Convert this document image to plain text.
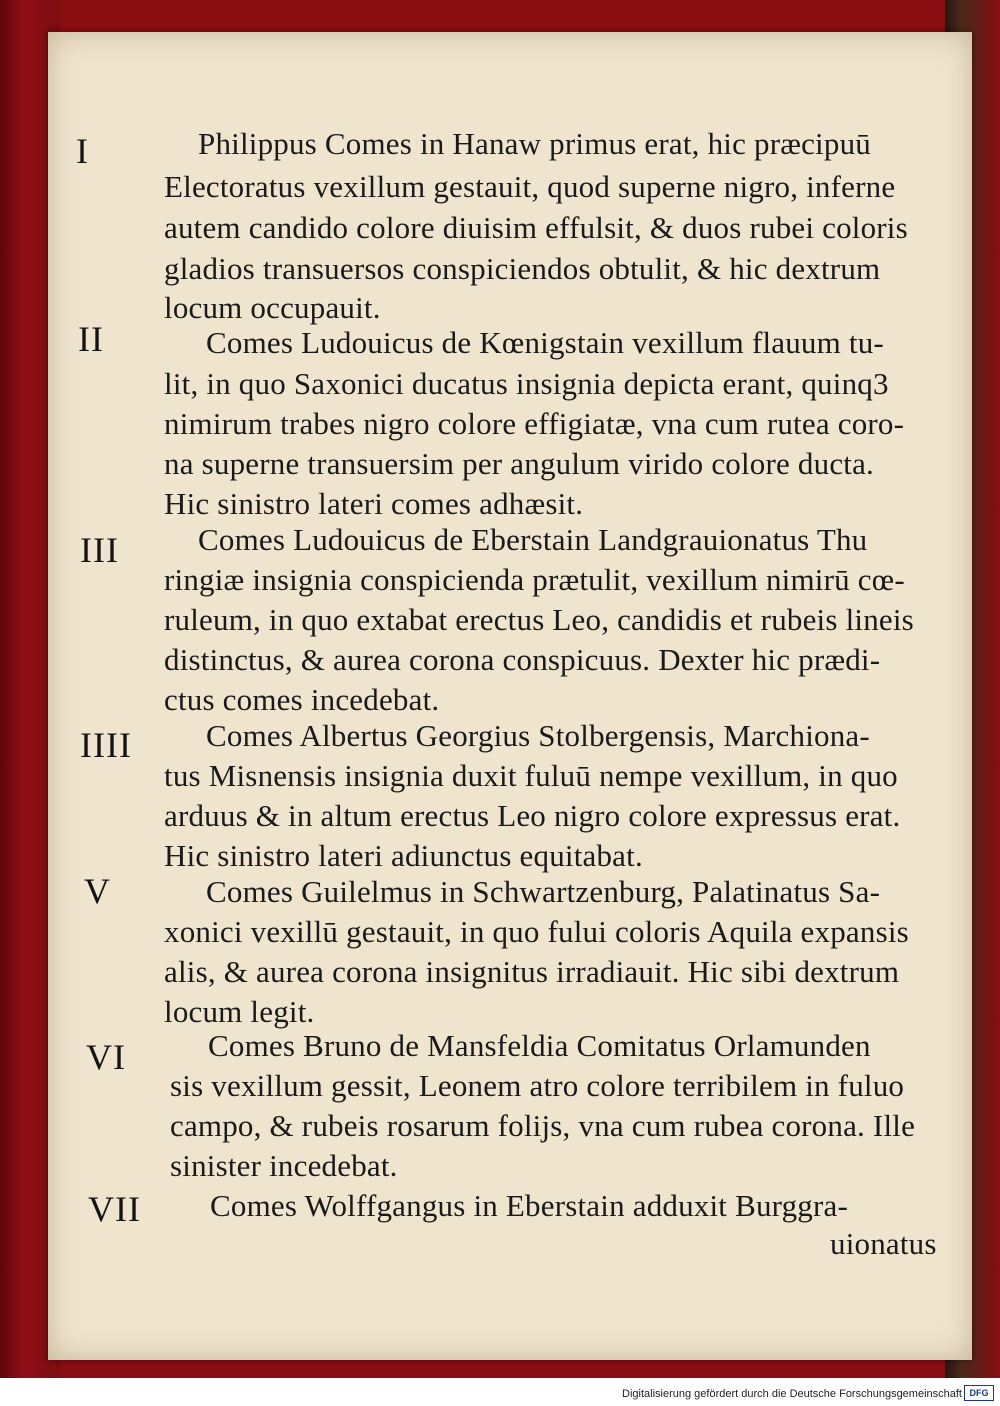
I	Philippus Comes in Hanaw primus erat, hic præcipuū
Electoratus vexillum gestauit, quod superne nigro, inferne
autem candido colore diuisim effulsit, & duos rubei coloris
gladios transuersos conspiciendos obtulit, & hic dextrum
locum occupauit.
II	Comes Ludouicus de Kœnigstain vexillum flauum tu-
lit, in quo Saxonici ducatus insignia depicta erant, quinq3
nimirum trabes nigro colore effigiatæ, vna cum rutea coro-
na superne transuersim per angulum virido colore ducta.
Hic sinistro lateri comes adhæsit.
III	Comes Ludouicus de Eberstain Landgrauionatus Thu
ringiæ insignia conspicienda prætulit, vexillum nimirū cœ-
ruleum, in quo extabat erectus Leo, candidis et rubeis lineis
distinctus, & aurea corona conspicuus. Dexter hic prædi-
ctus comes incedebat.
IIII Comes Albertus Georgius Stolbergensis, Marchiona-
tus Misnensis insignia duxit fuluū nempe vexillum, in quo
arduus & in altum erectus Leo nigro colore expressus erat.
Hic sinistro lateri adiunctus equitabat.
V	Comes Guilelmus in Schwartzenburg, Palatinatus Sa-
xonici vexillū gestauit, in quo fului coloris Aquila expansis
alis, & aurea corona insignitus irradiauit. Hic sibi dextrum
locum legit.
VI	Comes Bruno de Mansfeldia Comitatus Orlamunden
sis vexillum gessit, Leonem atro colore terribilem in fuluo
campo, & rubeis rosarum folijs, vna cum rubea corona. Ille
sinister incedebat.
VII Comes Wolffgangus in Eberstain adduxit Burggra-
uionatus
Digitalisierung gefördert durch die Deutsche Forschungsgemeinschaft DFG
